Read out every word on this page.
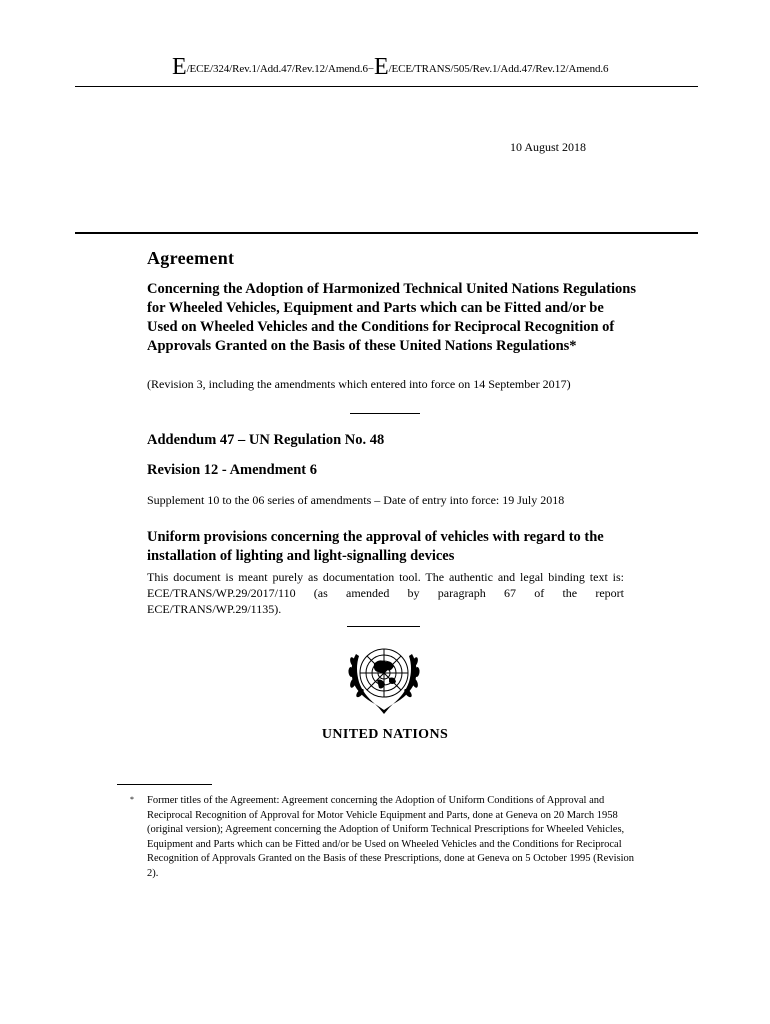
E/ECE/324/Rev.1/Add.47/Rev.12/Amend.6−E/ECE/TRANS/505/Rev.1/Add.47/Rev.12/Amend.6
10 August 2018
Agreement
Concerning the Adoption of Harmonized Technical United Nations Regulations for Wheeled Vehicles, Equipment and Parts which can be Fitted and/or be Used on Wheeled Vehicles and the Conditions for Reciprocal Recognition of Approvals Granted on the Basis of these United Nations Regulations*
(Revision 3, including the amendments which entered into force on 14 September 2017)
Addendum 47 – UN Regulation No. 48
Revision 12 - Amendment 6
Supplement 10 to the 06 series of amendments – Date of entry into force: 19 July 2018
Uniform provisions concerning the approval of vehicles with regard to the installation of lighting and light-signalling devices
This document is meant purely as documentation tool. The authentic and legal binding text is: ECE/TRANS/WP.29/2017/110 (as amended by paragraph 67 of the report ECE/TRANS/WP.29/1135).
UNITED NATIONS
* Former titles of the Agreement: Agreement concerning the Adoption of Uniform Conditions of Approval and Reciprocal Recognition of Approval for Motor Vehicle Equipment and Parts, done at Geneva on 20 March 1958 (original version); Agreement concerning the Adoption of Uniform Technical Prescriptions for Wheeled Vehicles, Equipment and Parts which can be Fitted and/or be Used on Wheeled Vehicles and the Conditions for Reciprocal Recognition of Approvals Granted on the Basis of these Prescriptions, done at Geneva on 5 October 1995 (Revision 2).
